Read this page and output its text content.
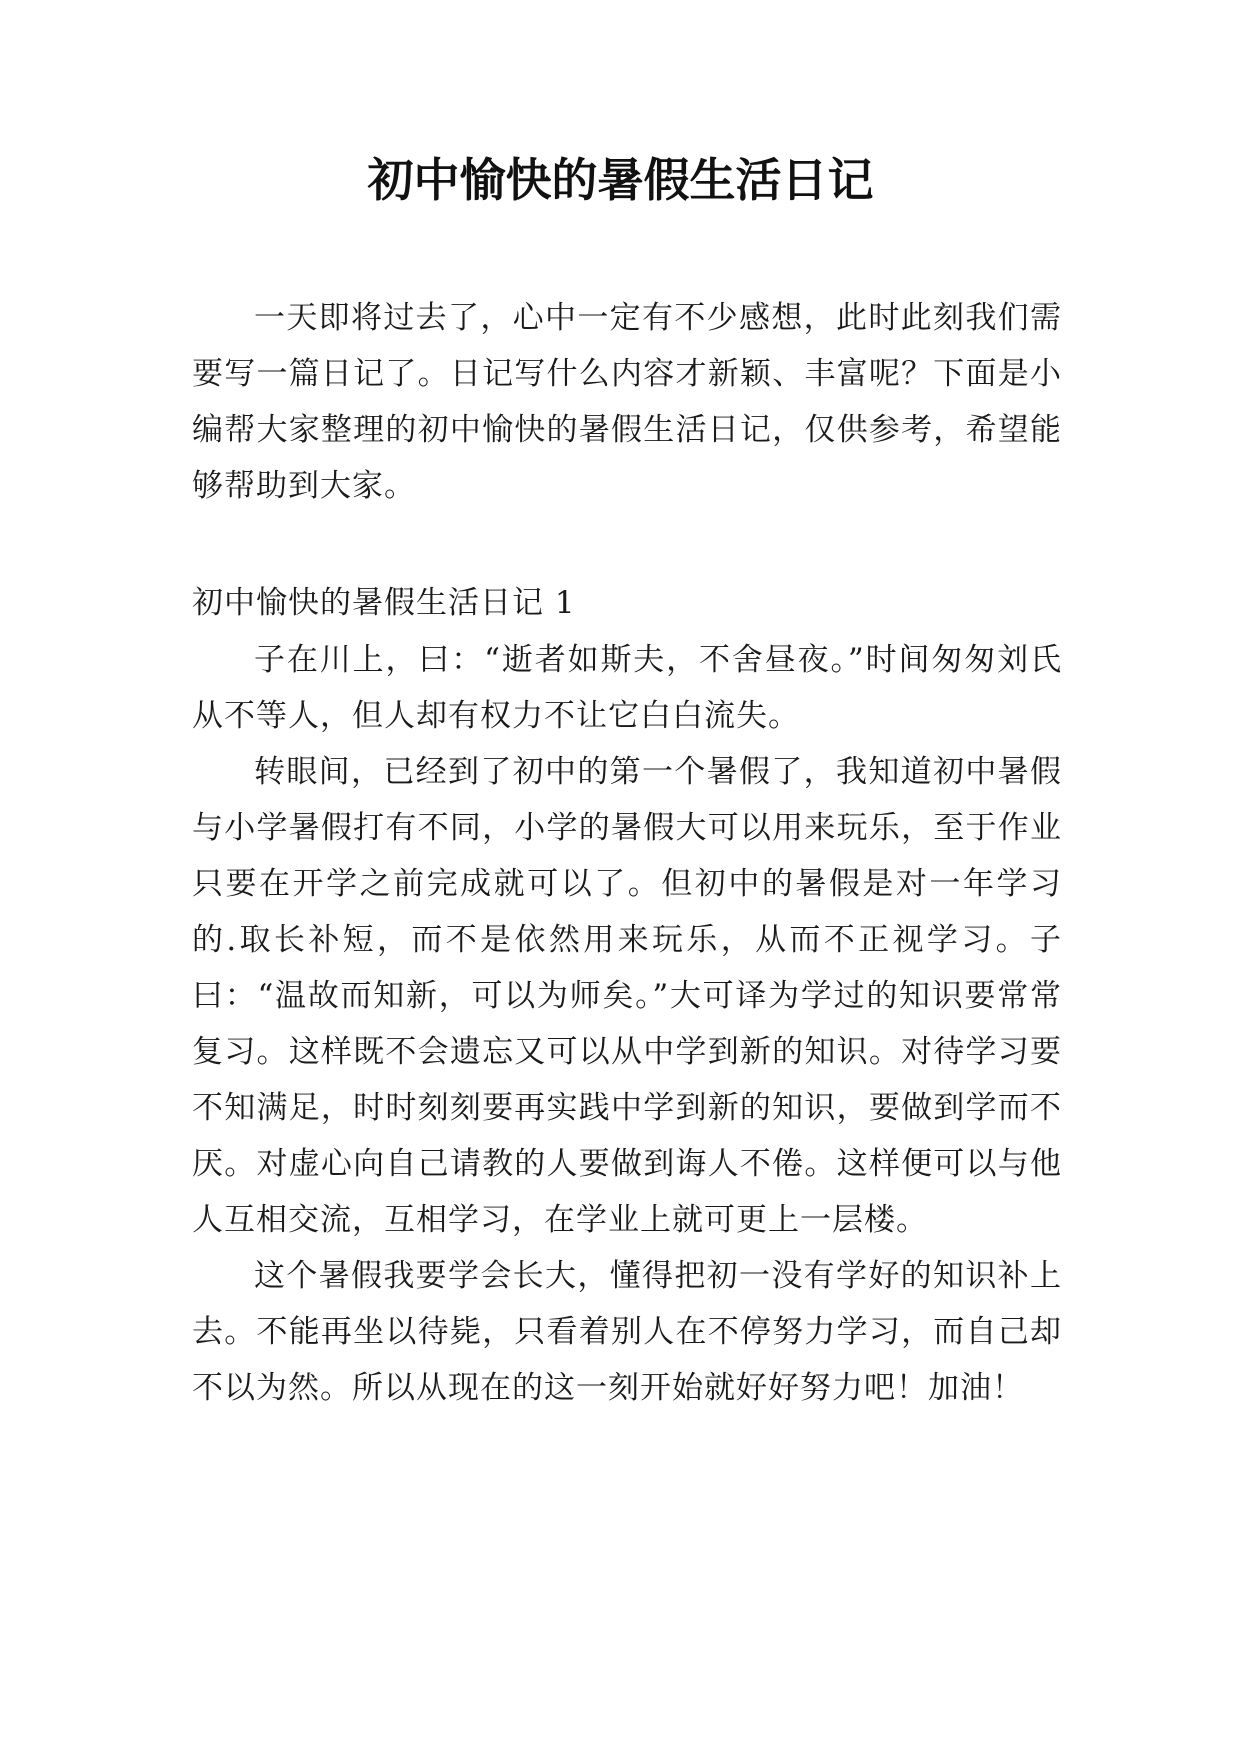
初中愉快的暑假生活日记
一天即将过去了，心中一定有不少感想，此时此刻我们需要写一篇日记了。日记写什么内容才新颖、丰富呢？下面是小编帮大家整理的初中愉快的暑假生活日记，仅供参考，希望能够帮助到大家。
初中愉快的暑假生活日记 1

子在川上，曰：“逝者如斯夫，不舍昼夜。”时间匆匆刘氏从不等人，但人却有权力不让它白白流失。

转眼间，已经到了初中的第一个暑假了，我知道初中暑假与小学暑假打有不同，小学的暑假大可以用来玩乐，至于作业只要在开学之前完成就可以了。但初中的暑假是对一年学习的.取长补短，而不是依然用来玩乐，从而不正视学习。子曰：“温故而知新，可以为师矣。”大可译为学过的知识要常常复习。这样既不会遗忘又可以从中学到新的知识。对待学习要不知满足，时时刻刻要再实践中学到新的知识，要做到学而不厌。对虚心向自己请教的人要做到诲人不倦。这样便可以与他人互相交流，互相学习，在学业上就可更上一层楼。

这个暑假我要学会长大，懂得把初一没有学好的知识补上去。不能再坐以待毙，只看着别人在不停努力学习，而自己却不以为然。所以从现在的这一刻开始就好好努力吧！加油！
